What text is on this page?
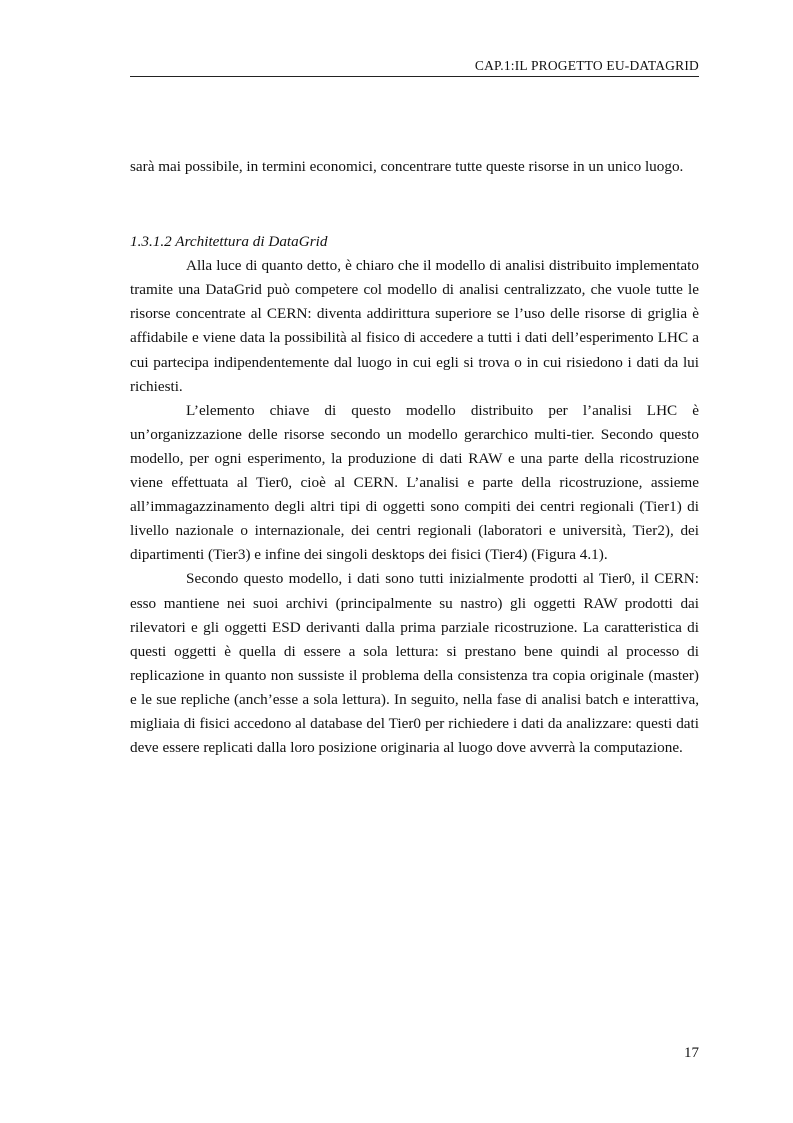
CAP.1:IL PROGETTO EU-DATAGRID

sarà mai possibile, in termini economici, concentrare tutte queste risorse in un unico luogo.

1.3.1.2 Architettura di DataGrid

Alla luce di quanto detto, è chiaro che il modello di analisi distribuito implementato tramite una DataGrid può competere col modello di analisi centralizzato, che vuole tutte le risorse concentrate al CERN: diventa addirittura superiore se l’uso delle risorse di griglia è affidabile e viene data la possibilità al fisico di accedere a tutti i dati dell’esperimento LHC a cui partecipa indipendentemente dal luogo in cui egli si trova o in cui risiedono i dati da lui richiesti.

L’elemento chiave di questo modello distribuito per l’analisi LHC è un’organizzazione delle risorse secondo un modello gerarchico multi-tier. Secondo questo modello, per ogni esperimento, la produzione di dati RAW e una parte della ricostruzione viene effettuata al Tier0, cioè al CERN. L’analisi e parte della ricostruzione, assieme all’immagazzinamento degli altri tipi di oggetti sono compiti dei centri regionali (Tier1) di livello nazionale o internazionale, dei centri regionali (laboratori e università, Tier2), dei dipartimenti (Tier3) e infine dei singoli desktops dei fisici (Tier4) (Figura 4.1).

Secondo questo modello, i dati sono tutti inizialmente prodotti al Tier0, il CERN: esso mantiene nei suoi archivi (principalmente su nastro) gli oggetti RAW prodotti dai rilevatori e gli oggetti ESD derivanti dalla prima parziale ricostruzione. La caratteristica di questi oggetti è quella di essere a sola lettura: si prestano bene quindi al processo di replicazione in quanto non sussiste il problema della consistenza tra copia originale (master) e le sue repliche (anch’esse a sola lettura). In seguito, nella fase di analisi batch e interattiva, migliaia di fisici accedono al database del Tier0 per richiedere i dati da analizzare: questi dati deve essere replicati dalla loro posizione originaria al luogo dove avverrà la computazione.

17
